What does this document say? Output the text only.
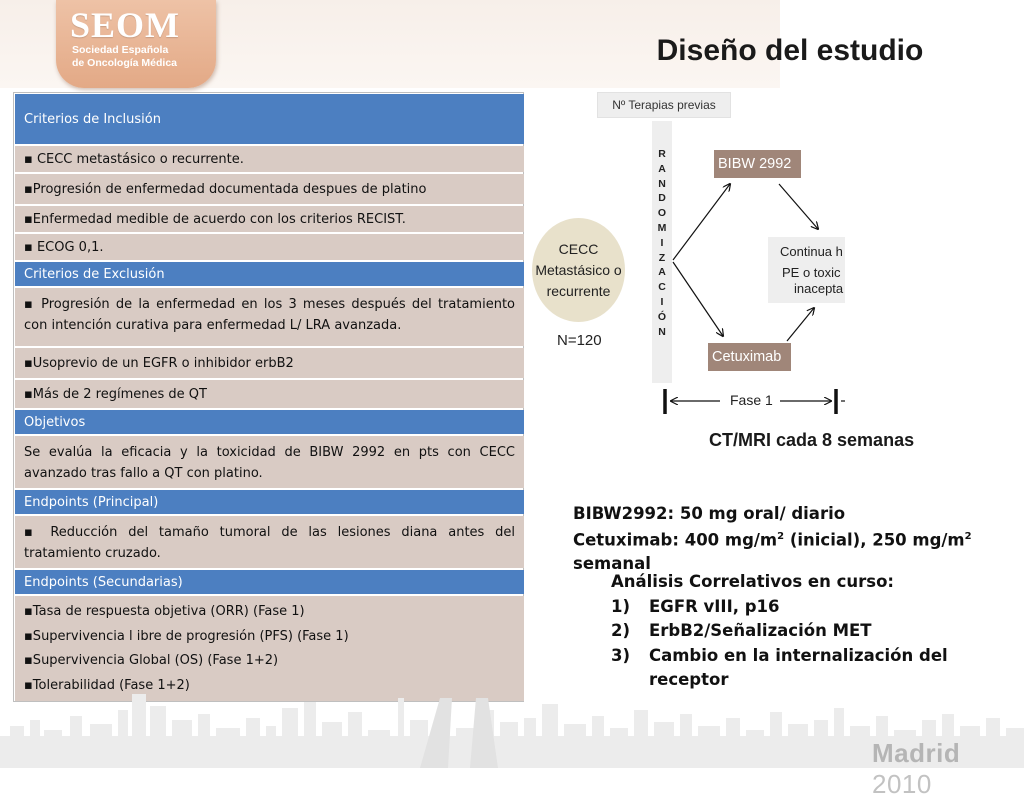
SEOM
Sociedad Española
de Oncología Médica	Diseño del estudio
Criterios de Inclusión
▪ CECC metastásico o recurrente.
▪Progresión de enfermedad documentada despues de platino
▪Enfermedad medible de acuerdo con los criterios RECIST.
▪ ECOG 0,1.
Criterios de Exclusión
▪ Progresión de la enfermedad en los 3 meses después del tratamiento con intención curativa para enfermedad L/ LRA avanzada.
▪Usoprevio de un EGFR o inhibidor erbB2
▪Más de 2 regímenes de QT
Objetivos
Se evalúa la eficacia y la toxicidad de BIBW 2992 en pts con CECC avanzado tras fallo a QT con platino.
Endpoints (Principal)
▪ Reducción del tamaño tumoral de las lesiones diana antes del tratamiento cruzado.
Endpoints (Secundarias)
▪Tasa de respuesta objetiva (ORR) (Fase 1)
▪Supervivencia l ibre de progresión (PFS) (Fase 1)
▪Supervivencia Global (OS) (Fase 1+2)
▪Tolerabilidad (Fase 1+2)
Nº Terapias previas
R
A
N
D
O
M
I
Z
A
C
I
Ó
N
CECC
Metastásico o
recurrente
N=120
BIBW 2992
Cetuximab
Continua h
PE o toxic
inacepta
Fase 1
CT/MRI cada 8 semanas
BIBW2992: 50 mg oral/ diario
Cetuximab: 400 $mg/m^2$ (inicial), 250 $mg/m^2$ semanal
Análisis Correlativos en curso:
1) EGFR vIII, p16
2) ErbB2/Señalización MET
3) Cambio en la internalización del receptor
Madrid 2010
